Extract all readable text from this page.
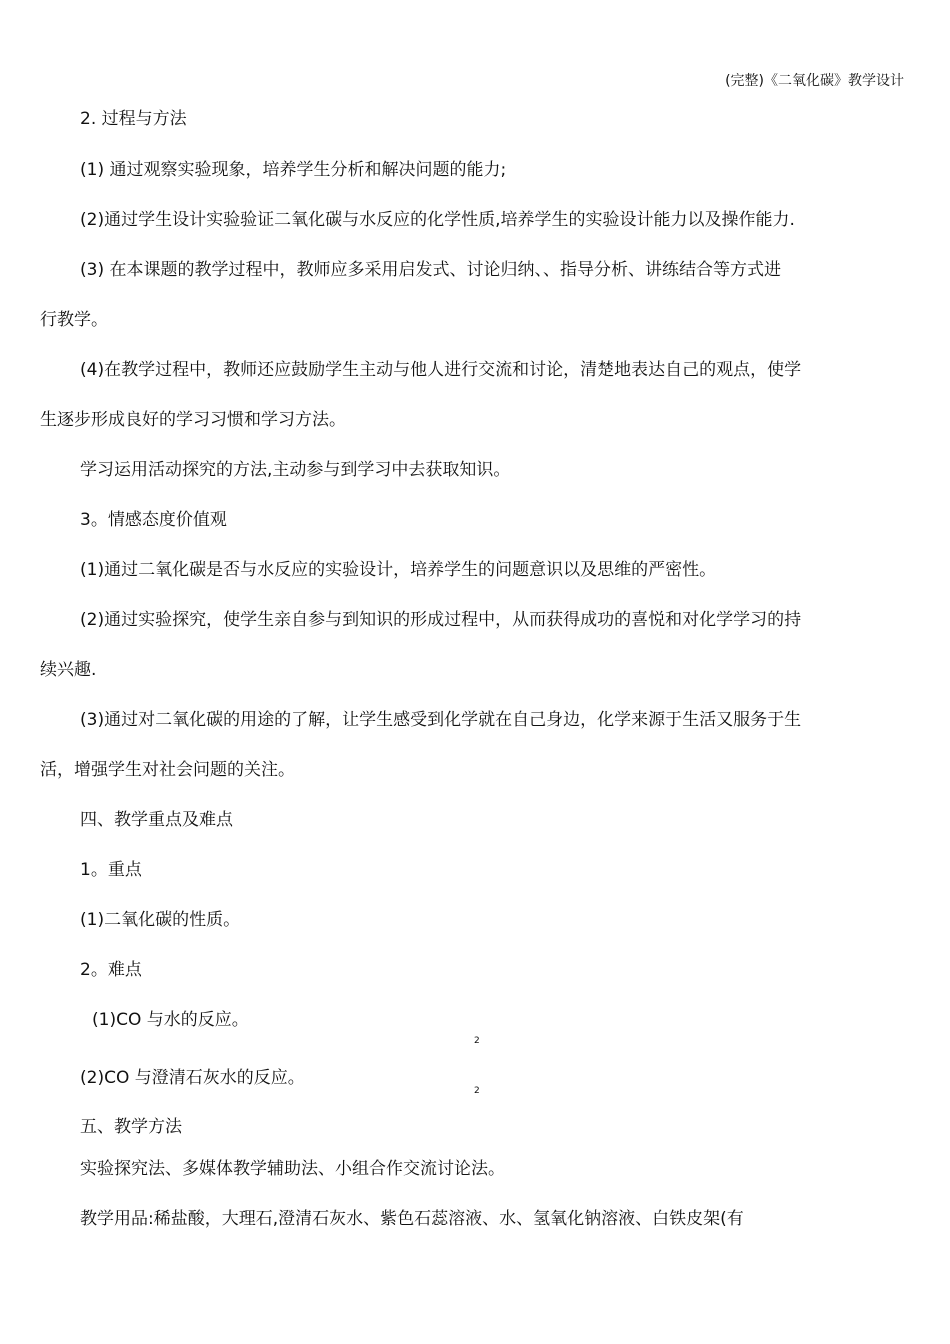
(完整)《二氧化碳》教学设计
2. 过程与方法
(1) 通过观察实验现象，培养学生分析和解决问题的能力;
(2)通过学生设计实验验证二氧化碳与水反应的化学性质,培养学生的实验设计能力以及操作能力.
(3) 在本课题的教学过程中，教师应多采用启发式、讨论归纳、、指导分析、讲练结合等方式进
行教学。
(4)在教学过程中，教师还应鼓励学生主动与他人进行交流和讨论，清楚地表达自己的观点，使学
生逐步形成良好的学习习惯和学习方法。
学习运用活动探究的方法,主动参与到学习中去获取知识。
3。情感态度价值观
(1)通过二氧化碳是否与水反应的实验设计，培养学生的问题意识以及思维的严密性。
(2)通过实验探究，使学生亲自参与到知识的形成过程中，从而获得成功的喜悦和对化学学习的持
续兴趣.
(3)通过对二氧化碳的用途的了解，让学生感受到化学就在自己身边，化学来源于生活又服务于生
活，增强学生对社会问题的关注。
四、教学重点及难点
1。重点
(1)二氧化碳的性质。
2。难点
(1)CO 与水的反应。
2
(2)CO 与澄清石灰水的反应。
2
五、教学方法
实验探究法、多媒体教学辅助法、小组合作交流讨论法。
教学用品:稀盐酸，大理石,澄清石灰水、紫色石蕊溶液、水、氢氧化钠溶液、白铁皮架(有
